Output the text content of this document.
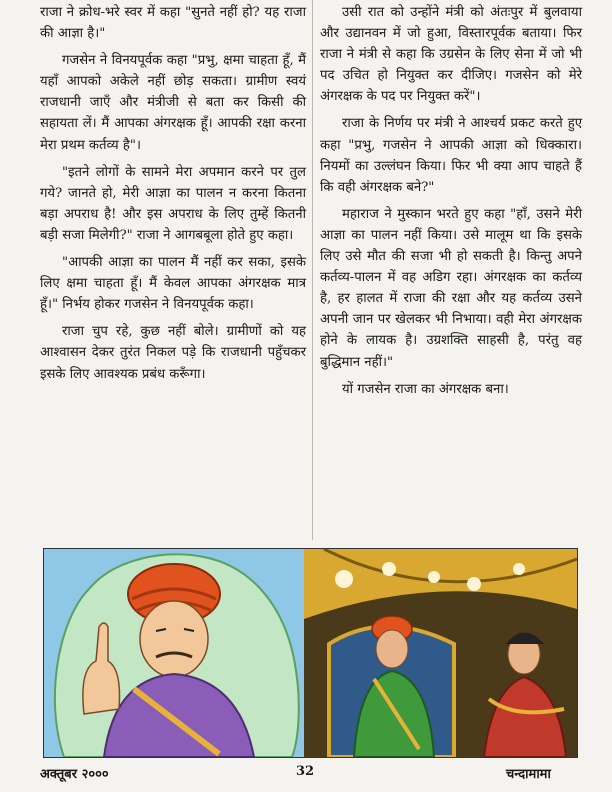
राजा ने क्रोध-भरे स्वर में कहा "सुनते नहीं हो? यह राजा की आज्ञा है।"

गजसेन ने विनयपूर्वक कहा "प्रभु, क्षमा चाहता हूँ, मैं यहाँ आपको अकेले नहीं छोड़ सकता। ग्रामीण स्वयं राजधानी जाएँ और मंत्रीजी से बता कर किसी की सहायता लें। मैं आपका अंगरक्षक हूँ। आपकी रक्षा करना मेरा प्रथम कर्तव्य है"।

"इतने लोगों के सामने मेरा अपमान करने पर तुल गये? जानते हो, मेरी आज्ञा का पालन न करना कितना बड़ा अपराध है! और इस अपराध के लिए तुम्हें कितनी बड़ी सजा मिलेगी?" राजा ने आगबबूला होते हुए कहा।

"आपकी आज्ञा का पालन मैं नहीं कर सका, इसके लिए क्षमा चाहता हूँ। मैं केवल आपका अंगरक्षक मात्र हूँ।" निर्भय होकर गजसेन ने विनयपूर्वक कहा।

राजा चुप रहे, कुछ नहीं बोले। ग्रामीणों को यह आश्वासन देकर तुरंत निकल पड़े कि राजधानी पहुँचकर इसके लिए आवश्यक प्रबंध करूँगा।

उसी रात को उन्होंने मंत्री को अंतःपुर में बुलवाया और उद्यानवन में जो हुआ, विस्तारपूर्वक बताया। फिर राजा ने मंत्री से कहा कि उग्रसेन के लिए सेना में जो भी पद उचित हो नियुक्त कर दीजिए। गजसेन को मेरे अंगरक्षक के पद पर नियुक्त करें"।

राजा के निर्णय पर मंत्री ने आश्चर्य प्रकट करते हुए कहा "प्रभु, गजसेन ने आपकी आज्ञा को धिक्कारा। नियमों का उल्लंघन किया। फिर भी क्या आप चाहते हैं कि वही अंगरक्षक बने?"

महाराज ने मुस्कान भरते हुए कहा "हाँ, उसने मेरी आज्ञा का पालन नहीं किया। उसे मालूम था कि इसके लिए उसे मौत की सजा भी हो सकती है। किन्तु अपने कर्तव्य-पालन में वह अडिग रहा। अंगरक्षक का कर्तव्य है, हर हालत में राजा की रक्षा और यह कर्तव्य उसने अपनी जान पर खेलकर भी निभाया। वही मेरा अंगरक्षक होने के लायक है। उग्रशक्ति साहसी है, परंतु वह बुद्धिमान नहीं।"

यों गजसेन राजा का अंगरक्षक बना।

अक्तूबर २०००	32	चन्दामामा
